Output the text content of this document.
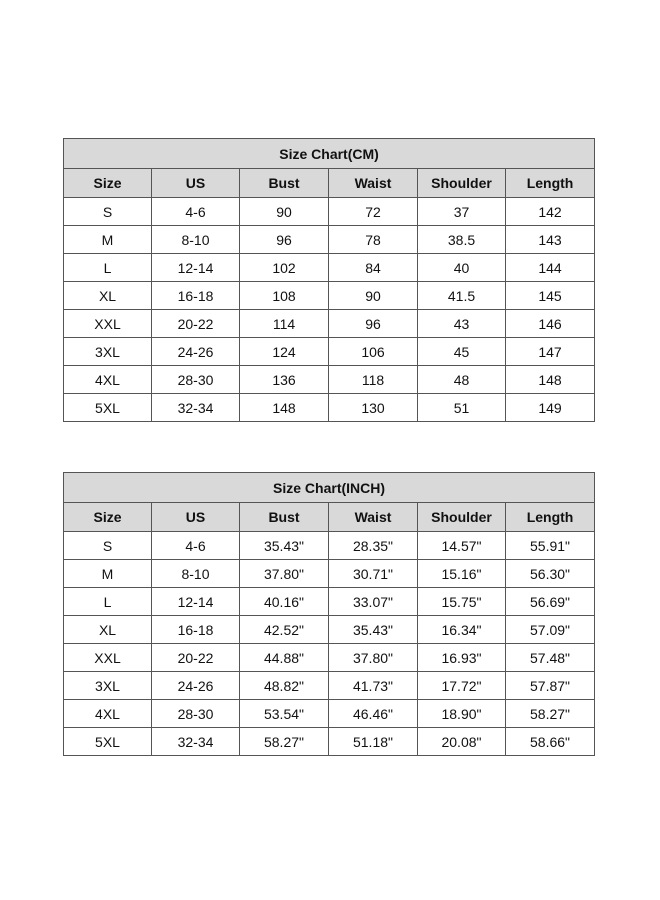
Size Chart(CM)					
Size	US	Bust	Waist	Shoulder	Length
S	4-6	90	72	37	142
M	8-10	96	78	38.5	143
L	12-14	102	84	40	144
XL	16-18	108	90	41.5	145
XXL	20-22	114	96	43	146
3XL	24-26	124	106	45	147
4XL	28-30	136	118	48	148
5XL	32-34	148	130	51	149
Size Chart(INCH)					
Size	US	Bust	Waist	Shoulder	Length
S	4-6	35.43"	28.35"	14.57"	55.91"
M	8-10	37.80"	30.71"	15.16"	56.30"
L	12-14	40.16"	33.07"	15.75"	56.69"
XL	16-18	42.52"	35.43"	16.34"	57.09"
XXL	20-22	44.88"	37.80"	16.93"	57.48"
3XL	24-26	48.82"	41.73"	17.72"	57.87"
4XL	28-30	53.54"	46.46"	18.90"	58.27"
5XL	32-34	58.27"	51.18"	20.08"	58.66"
